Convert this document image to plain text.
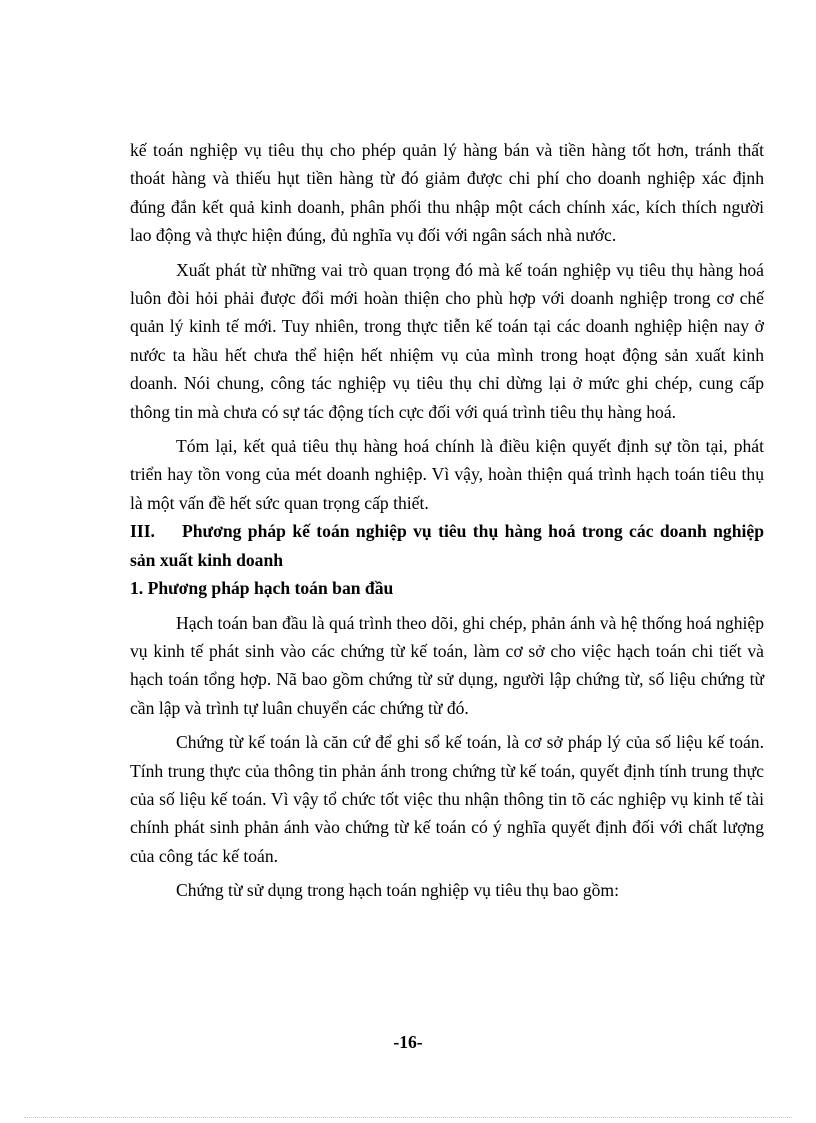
kế toán nghiệp vụ tiêu thụ cho phép quản lý hàng bán và tiền hàng tốt hơn, tránh thất thoát hàng và thiếu hụt tiền hàng từ đó giảm được chi phí cho doanh nghiệp xác định đúng đắn kết quả kinh doanh, phân phối thu nhập một cách chính xác, kích thích người lao động và thực hiện đúng, đủ nghĩa vụ đối với ngân sách nhà nước.

Xuất phát từ những vai trò quan trọng đó mà kế toán nghiệp vụ tiêu thụ hàng hoá luôn đòi hỏi phải được đổi mới hoàn thiện cho phù hợp với doanh nghiệp trong cơ chế quản lý kinh tế mới. Tuy nhiên, trong thực tiễn kế toán tại các doanh nghiệp hiện nay ở nước ta hầu hết chưa thể hiện hết nhiệm vụ của mình trong hoạt động sản xuất kinh doanh. Nói chung, công tác nghiệp vụ tiêu thụ chỉ dừng lại ở mức ghi chép, cung cấp thông tin mà chưa có sự tác động tích cực đối với quá trình tiêu thụ hàng hoá.

Tóm lại, kết quả tiêu thụ hàng hoá chính là điều kiện quyết định sự tồn tại, phát triển hay tồn vong của mét doanh nghiệp. Vì vậy, hoàn thiện quá trình hạch toán tiêu thụ là một vấn đề hết sức quan trọng cấp thiết.

III. Phương pháp kế toán nghiệp vụ tiêu thụ hàng hoá trong các doanh nghiệp sản xuất kinh doanh

1. Phương pháp hạch toán ban đầu

Hạch toán ban đầu là quá trình theo dõi, ghi chép, phản ánh và hệ thống hoá nghiệp vụ kinh tế phát sinh vào các chứng từ kế toán, làm cơ sở cho việc hạch toán chi tiết và hạch toán tổng hợp. Nã bao gồm chứng từ sử dụng, người lập chứng từ, số liệu chứng từ cần lập và trình tự luân chuyển các chứng từ đó.

Chứng từ kế toán là căn cứ để ghi sổ kế toán, là cơ sở pháp lý của số liệu kế toán. Tính trung thực của thông tin phản ánh trong chứng từ kế toán, quyết định tính trung thực của số liệu kế toán. Vì vậy tổ chức tốt việc thu nhận thông tin tõ các nghiệp vụ kinh tế tài chính phát sinh phản ánh vào chứng từ kế toán có ý nghĩa quyết định đối với chất lượng của công tác kế toán.

Chứng từ sử dụng trong hạch toán nghiệp vụ tiêu thụ bao gồm:

-16-
